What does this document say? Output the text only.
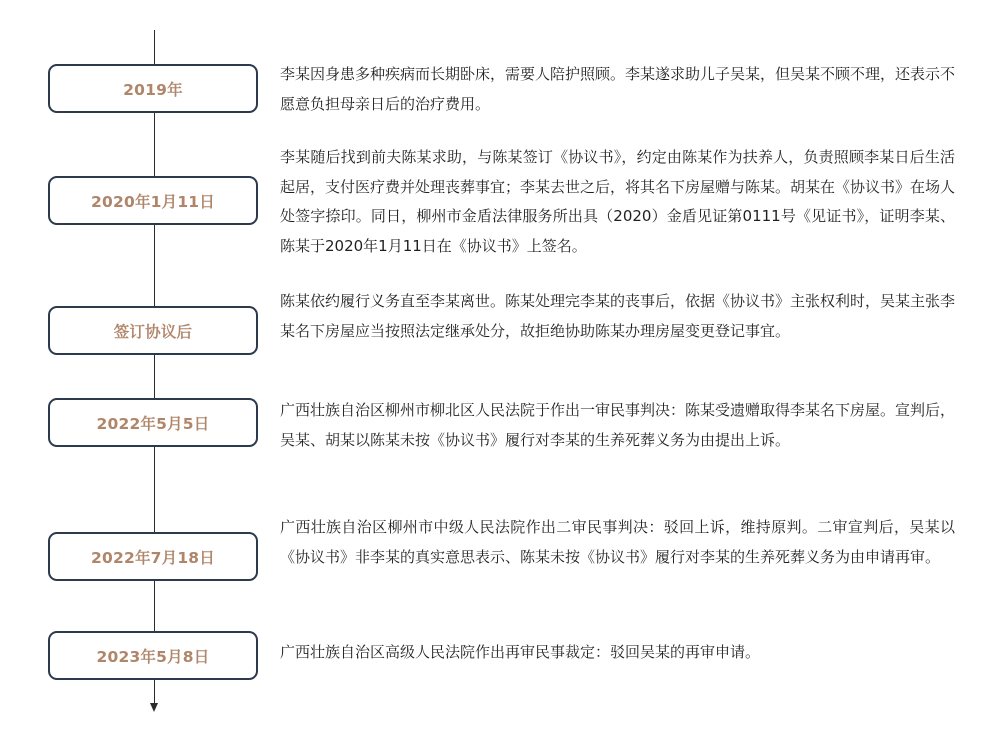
2019年

李某因身患多种疾病而长期卧床，需要人陪护照顾。李某遂求助儿子吴某，但吴某不顾不理，还表示不愿意负担母亲日后的治疗费用。

2020年1月11日

李某随后找到前夫陈某求助，与陈某签订《协议书》，约定由陈某作为扶养人，负责照顾李某日后生活起居，支付医疗费并处理丧葬事宜；李某去世之后，将其名下房屋赠与陈某。胡某在《协议书》在场人处签字捺印。同日，柳州市金盾法律服务所出具（2020）金盾见证第0111号《见证书》，证明李某、陈某于2020年1月11日在《协议书》上签名。

签订协议后

陈某依约履行义务直至李某离世。陈某处理完李某的丧事后，依据《协议书》主张权利时，吴某主张李某名下房屋应当按照法定继承处分，故拒绝协助陈某办理房屋变更登记事宜。

2022年5月5日

广西壮族自治区柳州市柳北区人民法院于作出一审民事判决：陈某受遗赠取得李某名下房屋。宣判后，吴某、胡某以陈某未按《协议书》履行对李某的生养死葬义务为由提出上诉。

2022年7月18日

广西壮族自治区柳州市中级人民法院作出二审民事判决：驳回上诉，维持原判。二审宣判后，吴某以《协议书》非李某的真实意思表示、陈某未按《协议书》履行对李某的生养死葬义务为由申请再审。

2023年5月8日	广西壮族自治区高级人民法院作出再审民事裁定：驳回吴某的再审申请。
